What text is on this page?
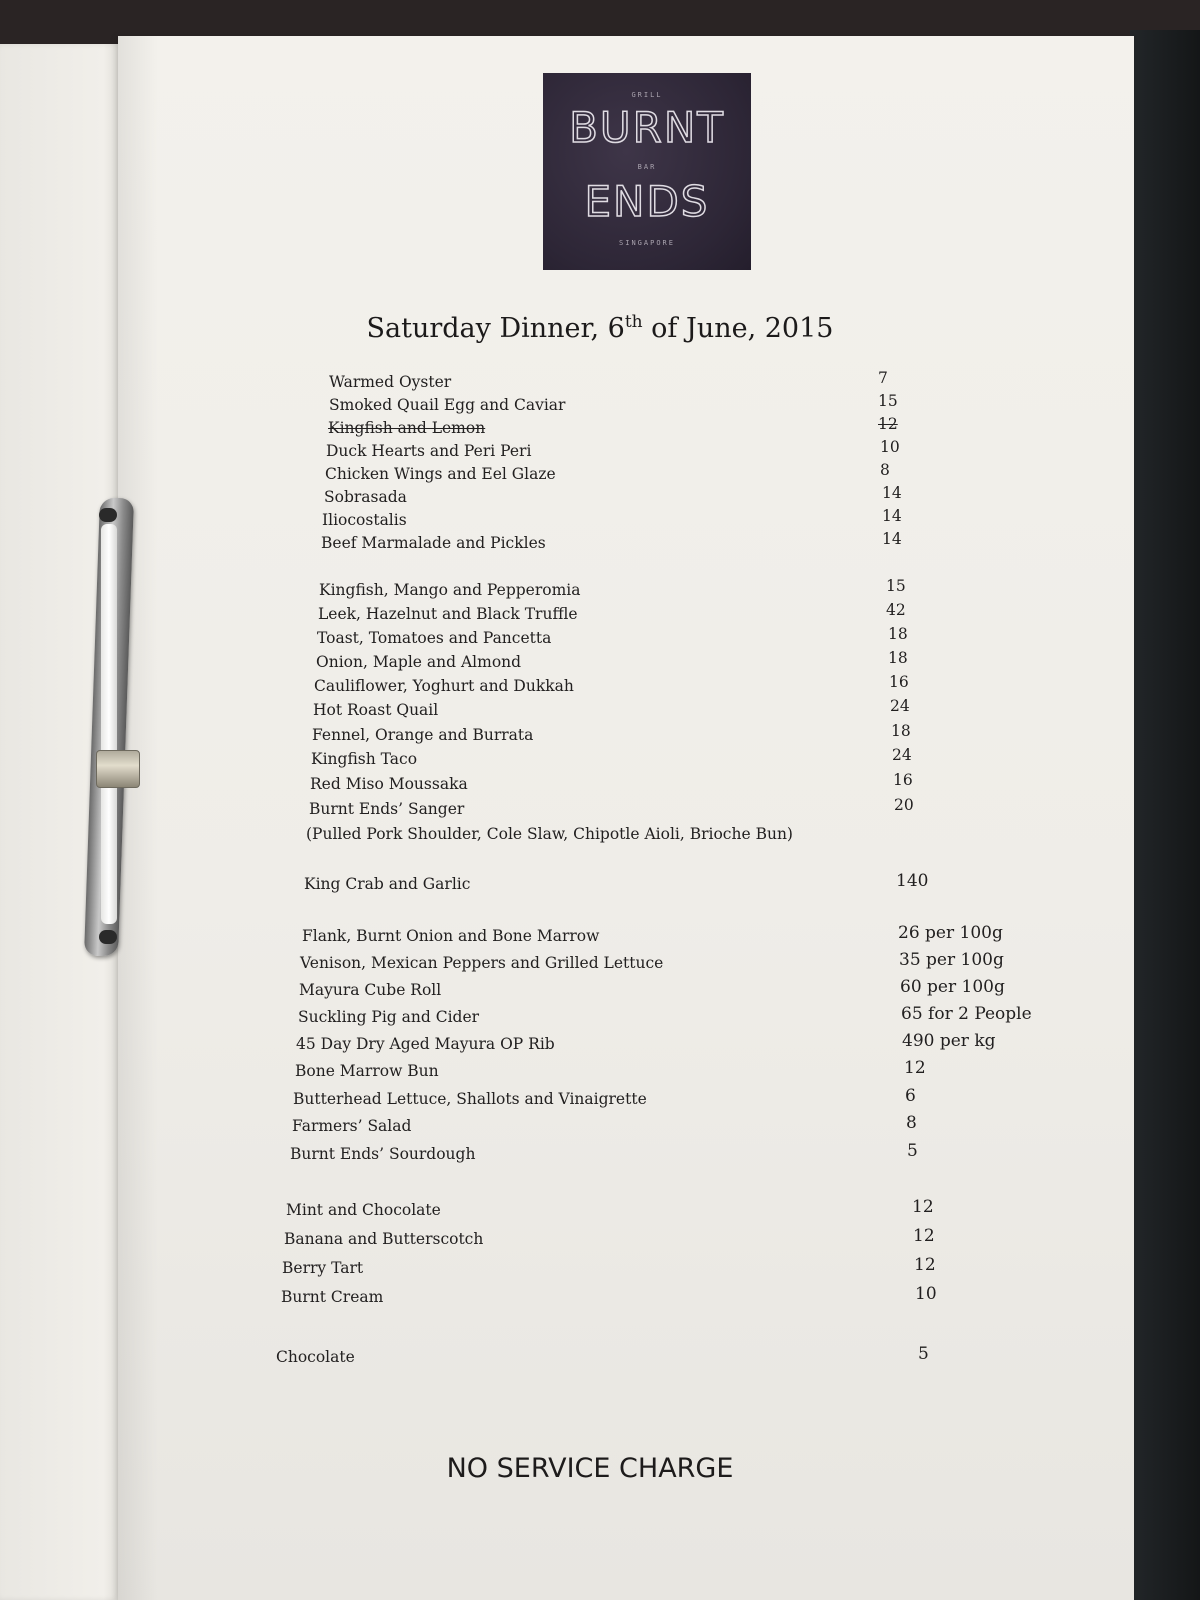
GRILL
BURNT
BAR
ENDS
SINGAPORE
Saturday Dinner, 6th of June, 2015
Warmed Oyster	7
Smoked Quail Egg and Caviar	15
Kingfish and Lemon	12
Duck Hearts and Peri Peri	10
Chicken Wings and Eel Glaze	8
Sobrasada	14
Iliocostalis	14
Beef Marmalade and Pickles	14
Kingfish, Mango and Pepperomia	15
Leek, Hazelnut and Black Truffle	42
Toast, Tomatoes and Pancetta	18
Onion, Maple and Almond	18
Cauliflower, Yoghurt and Dukkah	16
Hot Roast Quail	24
Fennel, Orange and Burrata	18
Kingfish Taco	24
Red Miso Moussaka	16
Burnt Ends’ Sanger	20
(Pulled Pork Shoulder, Cole Slaw, Chipotle Aioli, Brioche Bun)
King Crab and Garlic	140
Flank, Burnt Onion and Bone Marrow	26 per 100g
Venison, Mexican Peppers and Grilled Lettuce	35 per 100g
Mayura Cube Roll	60 per 100g
Suckling Pig and Cider	65 for 2 People
45 Day Dry Aged Mayura OP Rib	490 per kg
Bone Marrow Bun	12
Butterhead Lettuce, Shallots and Vinaigrette	6
Farmers’ Salad	8
Burnt Ends’ Sourdough	5
Mint and Chocolate	12
Banana and Butterscotch	12
Berry Tart	12
Burnt Cream	10
Chocolate	5
NO SERVICE CHARGE
